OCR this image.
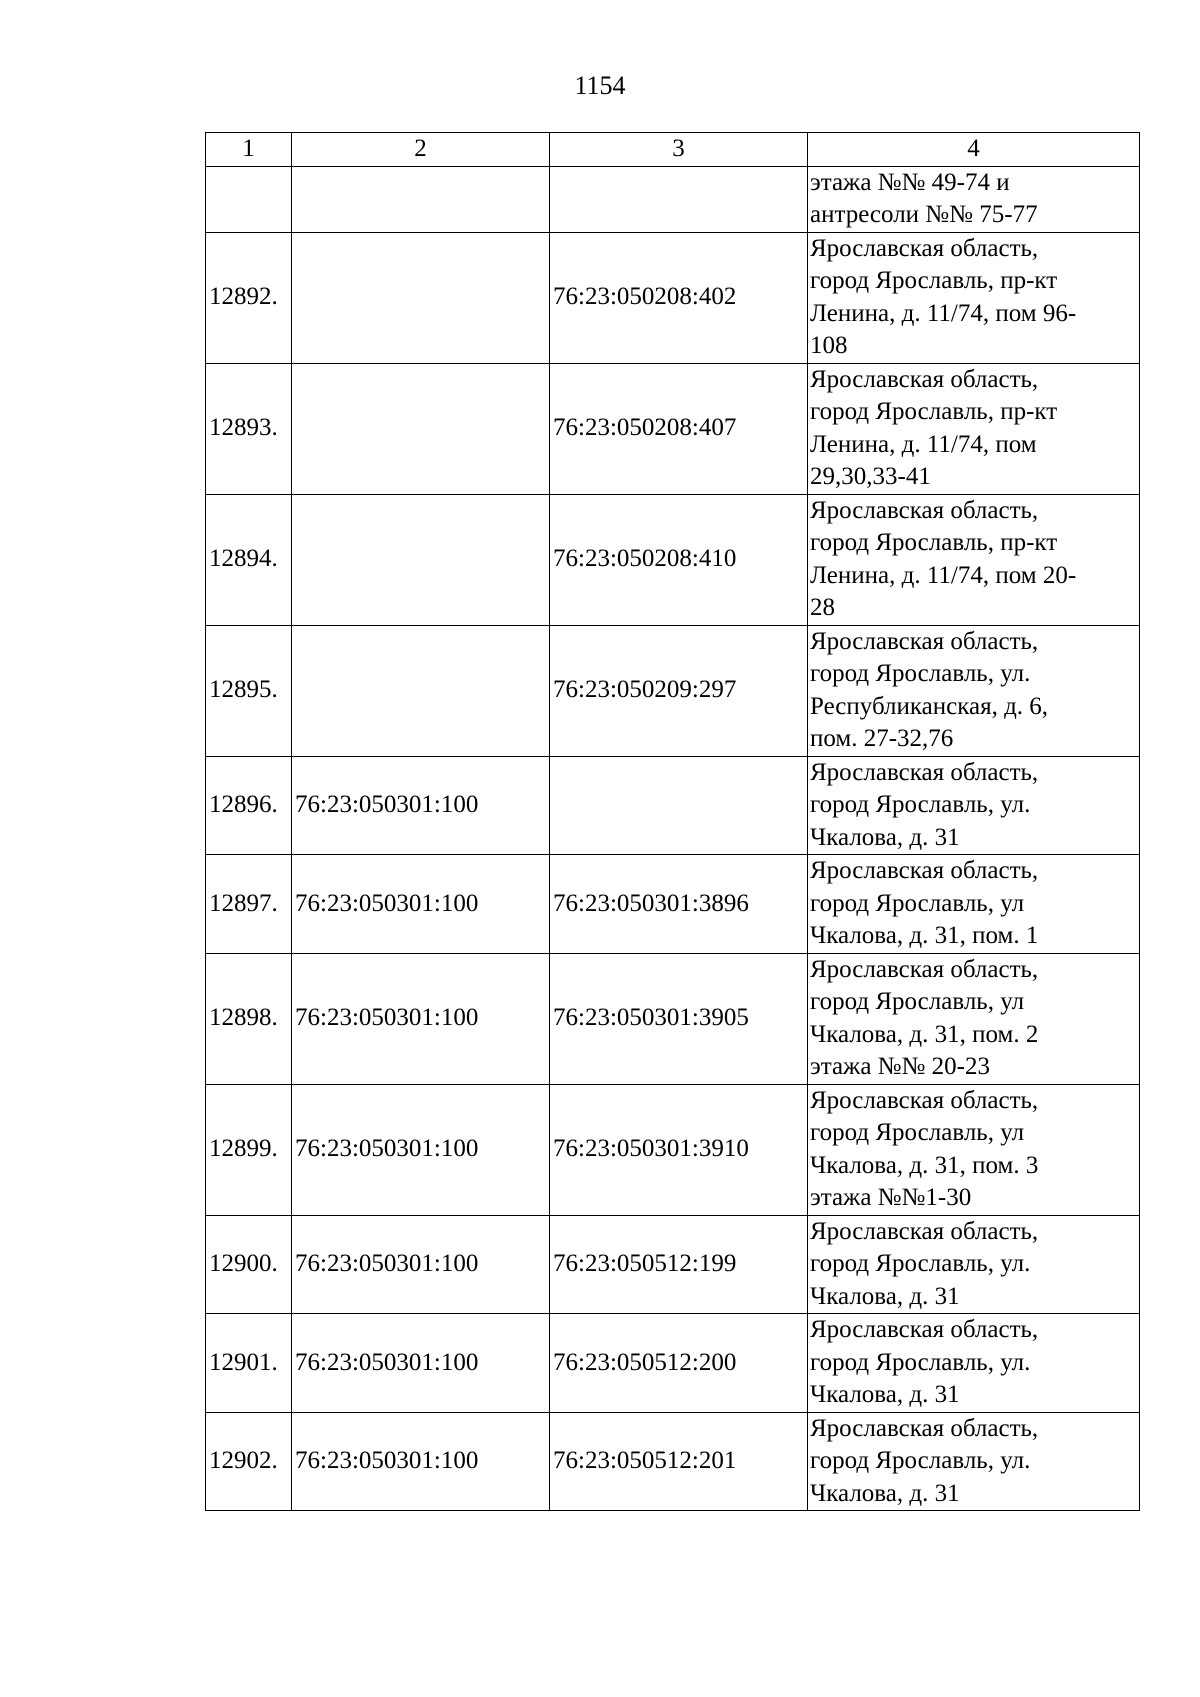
1154
1	2	3	4

			этажа №№ 49-74 и
антресоли №№ 75-77

12892.		76:23:050208:402	Ярославская область,
город Ярославль, пр-кт
Ленина, д. 11/74, пом 96-
108

12893.		76:23:050208:407	Ярославская область,
город Ярославль, пр-кт
Ленина, д. 11/74, пом
29,30,33-41

12894.		76:23:050208:410	Ярославская область,
город Ярославль, пр-кт
Ленина, д. 11/74, пом 20-
28

12895.		76:23:050209:297	Ярославская область,
город Ярославль, ул.
Республиканская, д. 6,
пом. 27-32,76

12896.	76:23:050301:100		Ярославская область,
город Ярославль, ул.
Чкалова, д. 31

12897.	76:23:050301:100	76:23:050301:3896	Ярославская область,
город Ярославль, ул
Чкалова, д. 31, пом. 1

12898.	76:23:050301:100	76:23:050301:3905	Ярославская область,
город Ярославль, ул
Чкалова, д. 31, пом. 2
этажа №№ 20-23

12899.	76:23:050301:100	76:23:050301:3910	Ярославская область,
город Ярославль, ул
Чкалова, д. 31, пом. 3
этажа №№1-30

12900.	76:23:050301:100	76:23:050512:199	Ярославская область,
город Ярославль, ул.
Чкалова, д. 31

12901.	76:23:050301:100	76:23:050512:200	Ярославская область,
город Ярославль, ул.
Чкалова, д. 31

12902.	76:23:050301:100	76:23:050512:201	Ярославская область,
город Ярославль, ул.
Чкалова, д. 31
